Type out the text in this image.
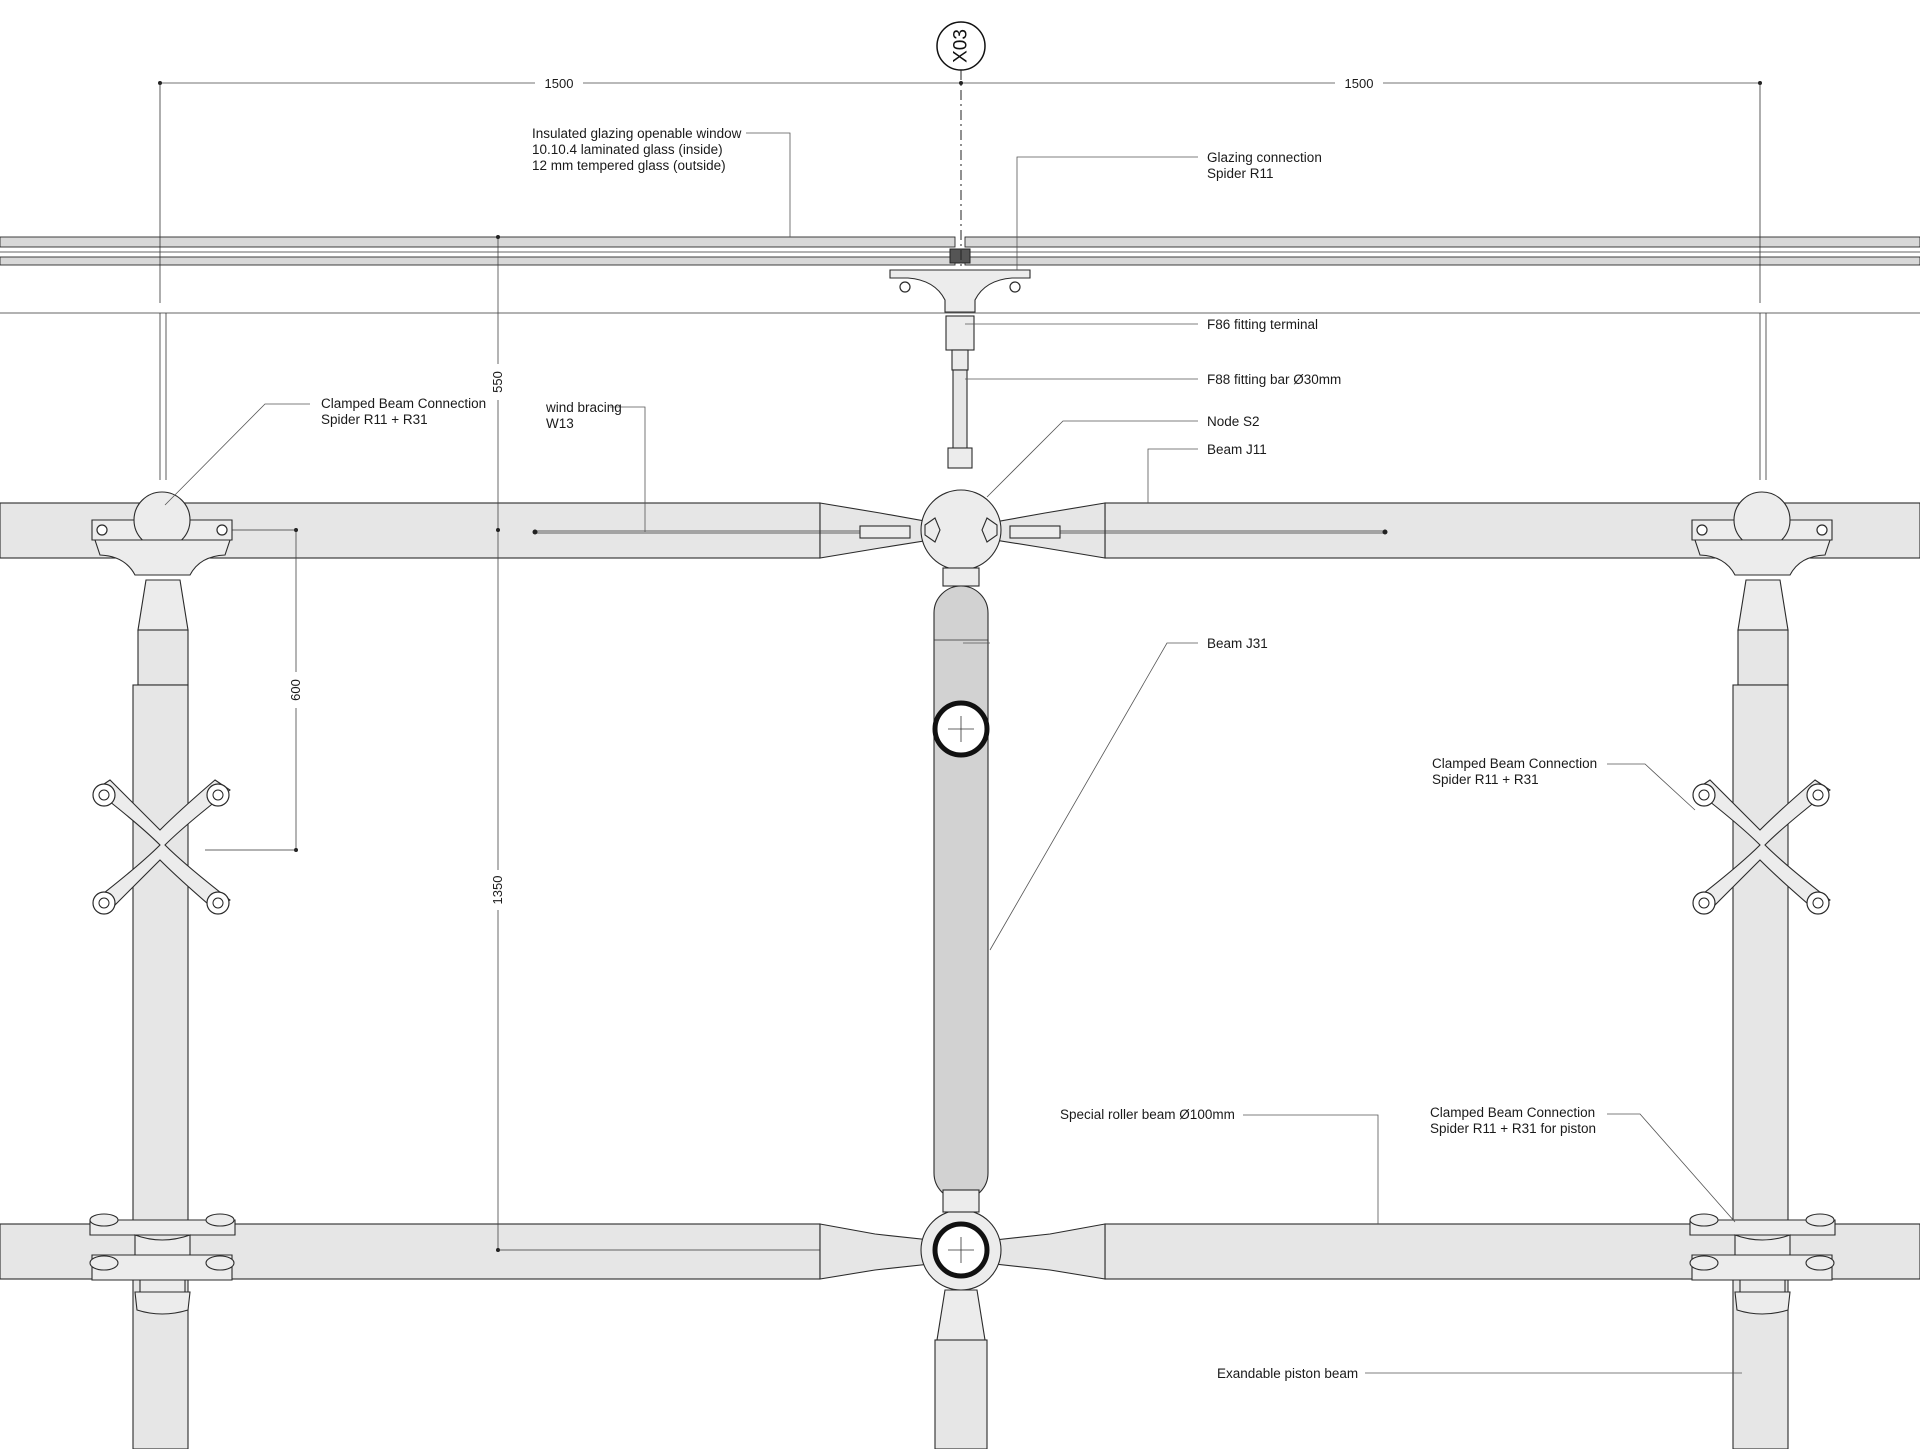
X03
1500	1500
550
1350
600
Insulated glazing openable window
10.10.4 laminated glass (inside)
12 mm tempered glass (outside)
Glazing connection
Spider R11
F86 fitting terminal
F88 fitting bar Ø30mm
Clamped Beam Connection
Spider R11 + R31
wind bracing
W13	Node S2
Beam J11
Beam J31
Clamped Beam Connection
Spider R11 + R31
Special roller beam Ø100mm	Clamped Beam Connection
Spider R11 + R31 for piston
Exandable piston beam
